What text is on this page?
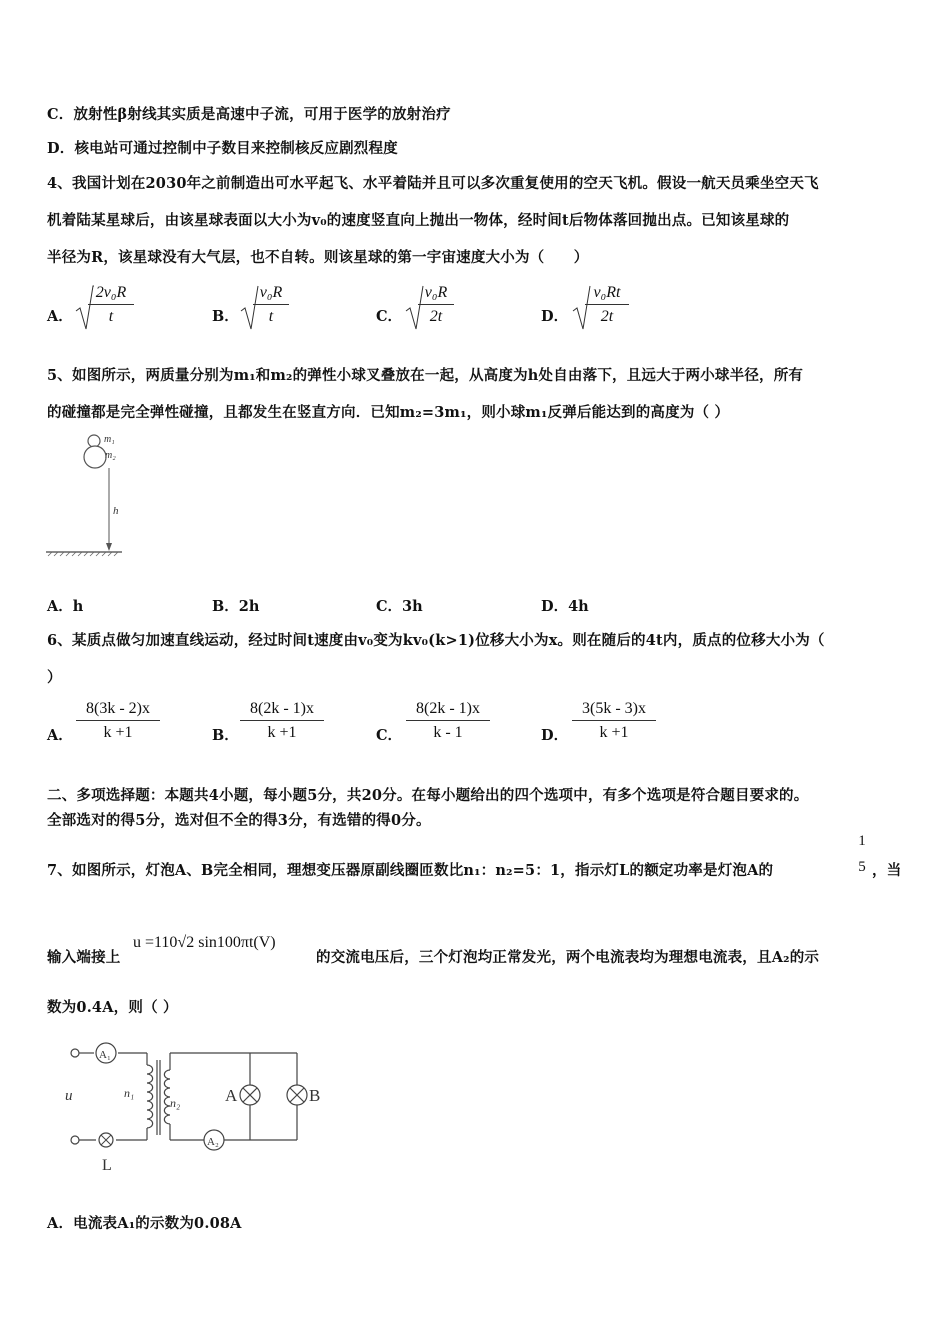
C．放射性β射线其实质是高速中子流，可用于医学的放射治疗
D．核电站可通过控制中子数目来控制核反应剧烈程度
4、我国计划在2030年之前制造出可水平起飞、水平着陆并且可以多次重复使用的空天飞机。假设一航天员乘坐空天飞
机着陆某星球后，由该星球表面以大小为v₀的速度竖直向上抛出一物体，经时间t后物体落回抛出点。已知该星球的
半径为R，该星球没有大气层，也不自转。则该星球的第一宇宙速度大小为（　　）
A． $\frac{\text{2v₀R}}{t}$	B． $\frac{\text{v₀R}}{t}$	C． $\frac{\text{v₀R}}{2t}$	D． $\frac{\text{v₀Rt}}{2t}$
5、如图所示，两质量分别为m₁和m₂的弹性小球叉叠放在一起，从高度为h处自由落下，且远大于两小球半径，所有
的碰撞都是完全弹性碰撞，且都发生在竖直方向．已知m₂=3m₁，则小球m₁反弹后能达到的高度为（ ）
m₁
m₂
h
A．h	B．2h	C．3h	D．4h
6、某质点做匀加速直线运动，经过时间t速度由v₀变为kv₀(k>1)位移大小为x。则在随后的4t内，质点的位移大小为（
）
A． $\frac{8(3k - 2)x}{k +1}$	B． $\frac{8(2k - 1)x}{k +1}$	C． $\frac{8(2k - 1)x}{k - 1}$	D． $\frac{3(5k - 3)x}{k +1}$
二、多项选择题：本题共4小题，每小题5分，共20分。在每小题给出的四个选项中，有多个选项是符合题目要求的。
全部选对的得5分，选对但不全的得3分，有选错的得0分。
7、如图所示，灯泡A、B完全相同，理想变压器原副线圈匝数比n₁：n₂=5：1，指示灯L的额定功率是灯泡A的
1
5 ，当
输入端接上
u =110√2 sin100πt(V)
的交流电压后，三个灯泡均正常发光，两个电流表均为理想电流表，且A₂的示
数为0.4A，则（ ）
A₁
A₂
u	n₁
n₂	A	B
L
A．电流表A₁的示数为0.08A
